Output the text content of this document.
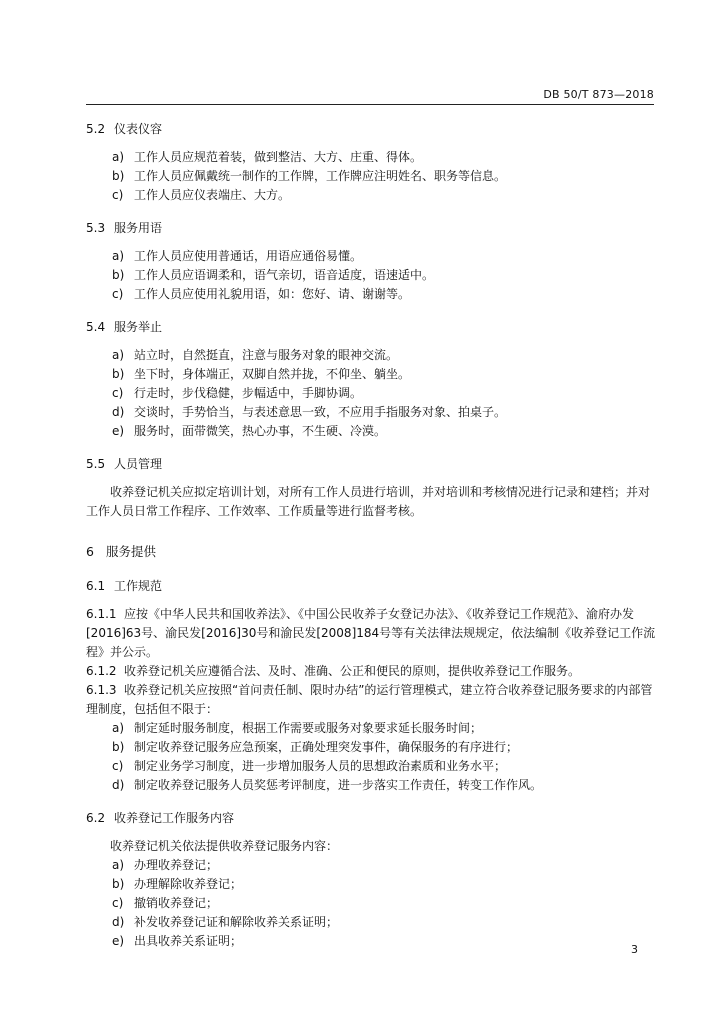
DB 50/T 873—2018
5.2 仪表仪容
a) 工作人员应规范着装，做到整洁、大方、庄重、得体。
b) 工作人员应佩戴统一制作的工作牌，工作牌应注明姓名、职务等信息。
c) 工作人员应仪表端庄、大方。
5.3 服务用语
a) 工作人员应使用普通话，用语应通俗易懂。
b) 工作人员应语调柔和，语气亲切，语音适度，语速适中。
c) 工作人员应使用礼貌用语，如：您好、请、谢谢等。
5.4 服务举止
a) 站立时，自然挺直，注意与服务对象的眼神交流。
b) 坐下时，身体端正，双脚自然并拢，不仰坐、躺坐。
c) 行走时，步伐稳健，步幅适中，手脚协调。
d) 交谈时，手势恰当，与表述意思一致，不应用手指服务对象、拍桌子。
e) 服务时，面带微笑，热心办事，不生硬、冷漠。
5.5 人员管理

收养登记机关应拟定培训计划，对所有工作人员进行培训，并对培训和考核情况进行记录和建档；并对工作人员日常工作程序、工作效率、工作质量等进行监督考核。

6 服务提供
6.1 工作规范

6.1.1 应按《中华人民共和国收养法》、《中国公民收养子女登记办法》、《收养登记工作规范》、渝府办发[2016]63号、渝民发[2016]30号和渝民发[2008]184号等有关法律法规规定，依法编制《收养登记工作流程》并公示。

6.1.2 收养登记机关应遵循合法、及时、准确、公正和便民的原则，提供收养登记工作服务。

6.1.3 收养登记机关应按照“首问责任制、限时办结”的运行管理模式，建立符合收养登记服务要求的内部管理制度，包括但不限于：

a) 制定延时服务制度，根据工作需要或服务对象要求延长服务时间；
b) 制定收养登记服务应急预案，正确处理突发事件，确保服务的有序进行；
c) 制定业务学习制度，进一步增加服务人员的思想政治素质和业务水平；
d) 制定收养登记服务人员奖惩考评制度，进一步落实工作责任，转变工作作风。
6.2 收养登记工作服务内容

收养登记机关依法提供收养登记服务内容：

a) 办理收养登记；
b) 办理解除收养登记；
c) 撤销收养登记；
d) 补发收养登记证和解除收养关系证明；
e) 出具收养关系证明；
3
